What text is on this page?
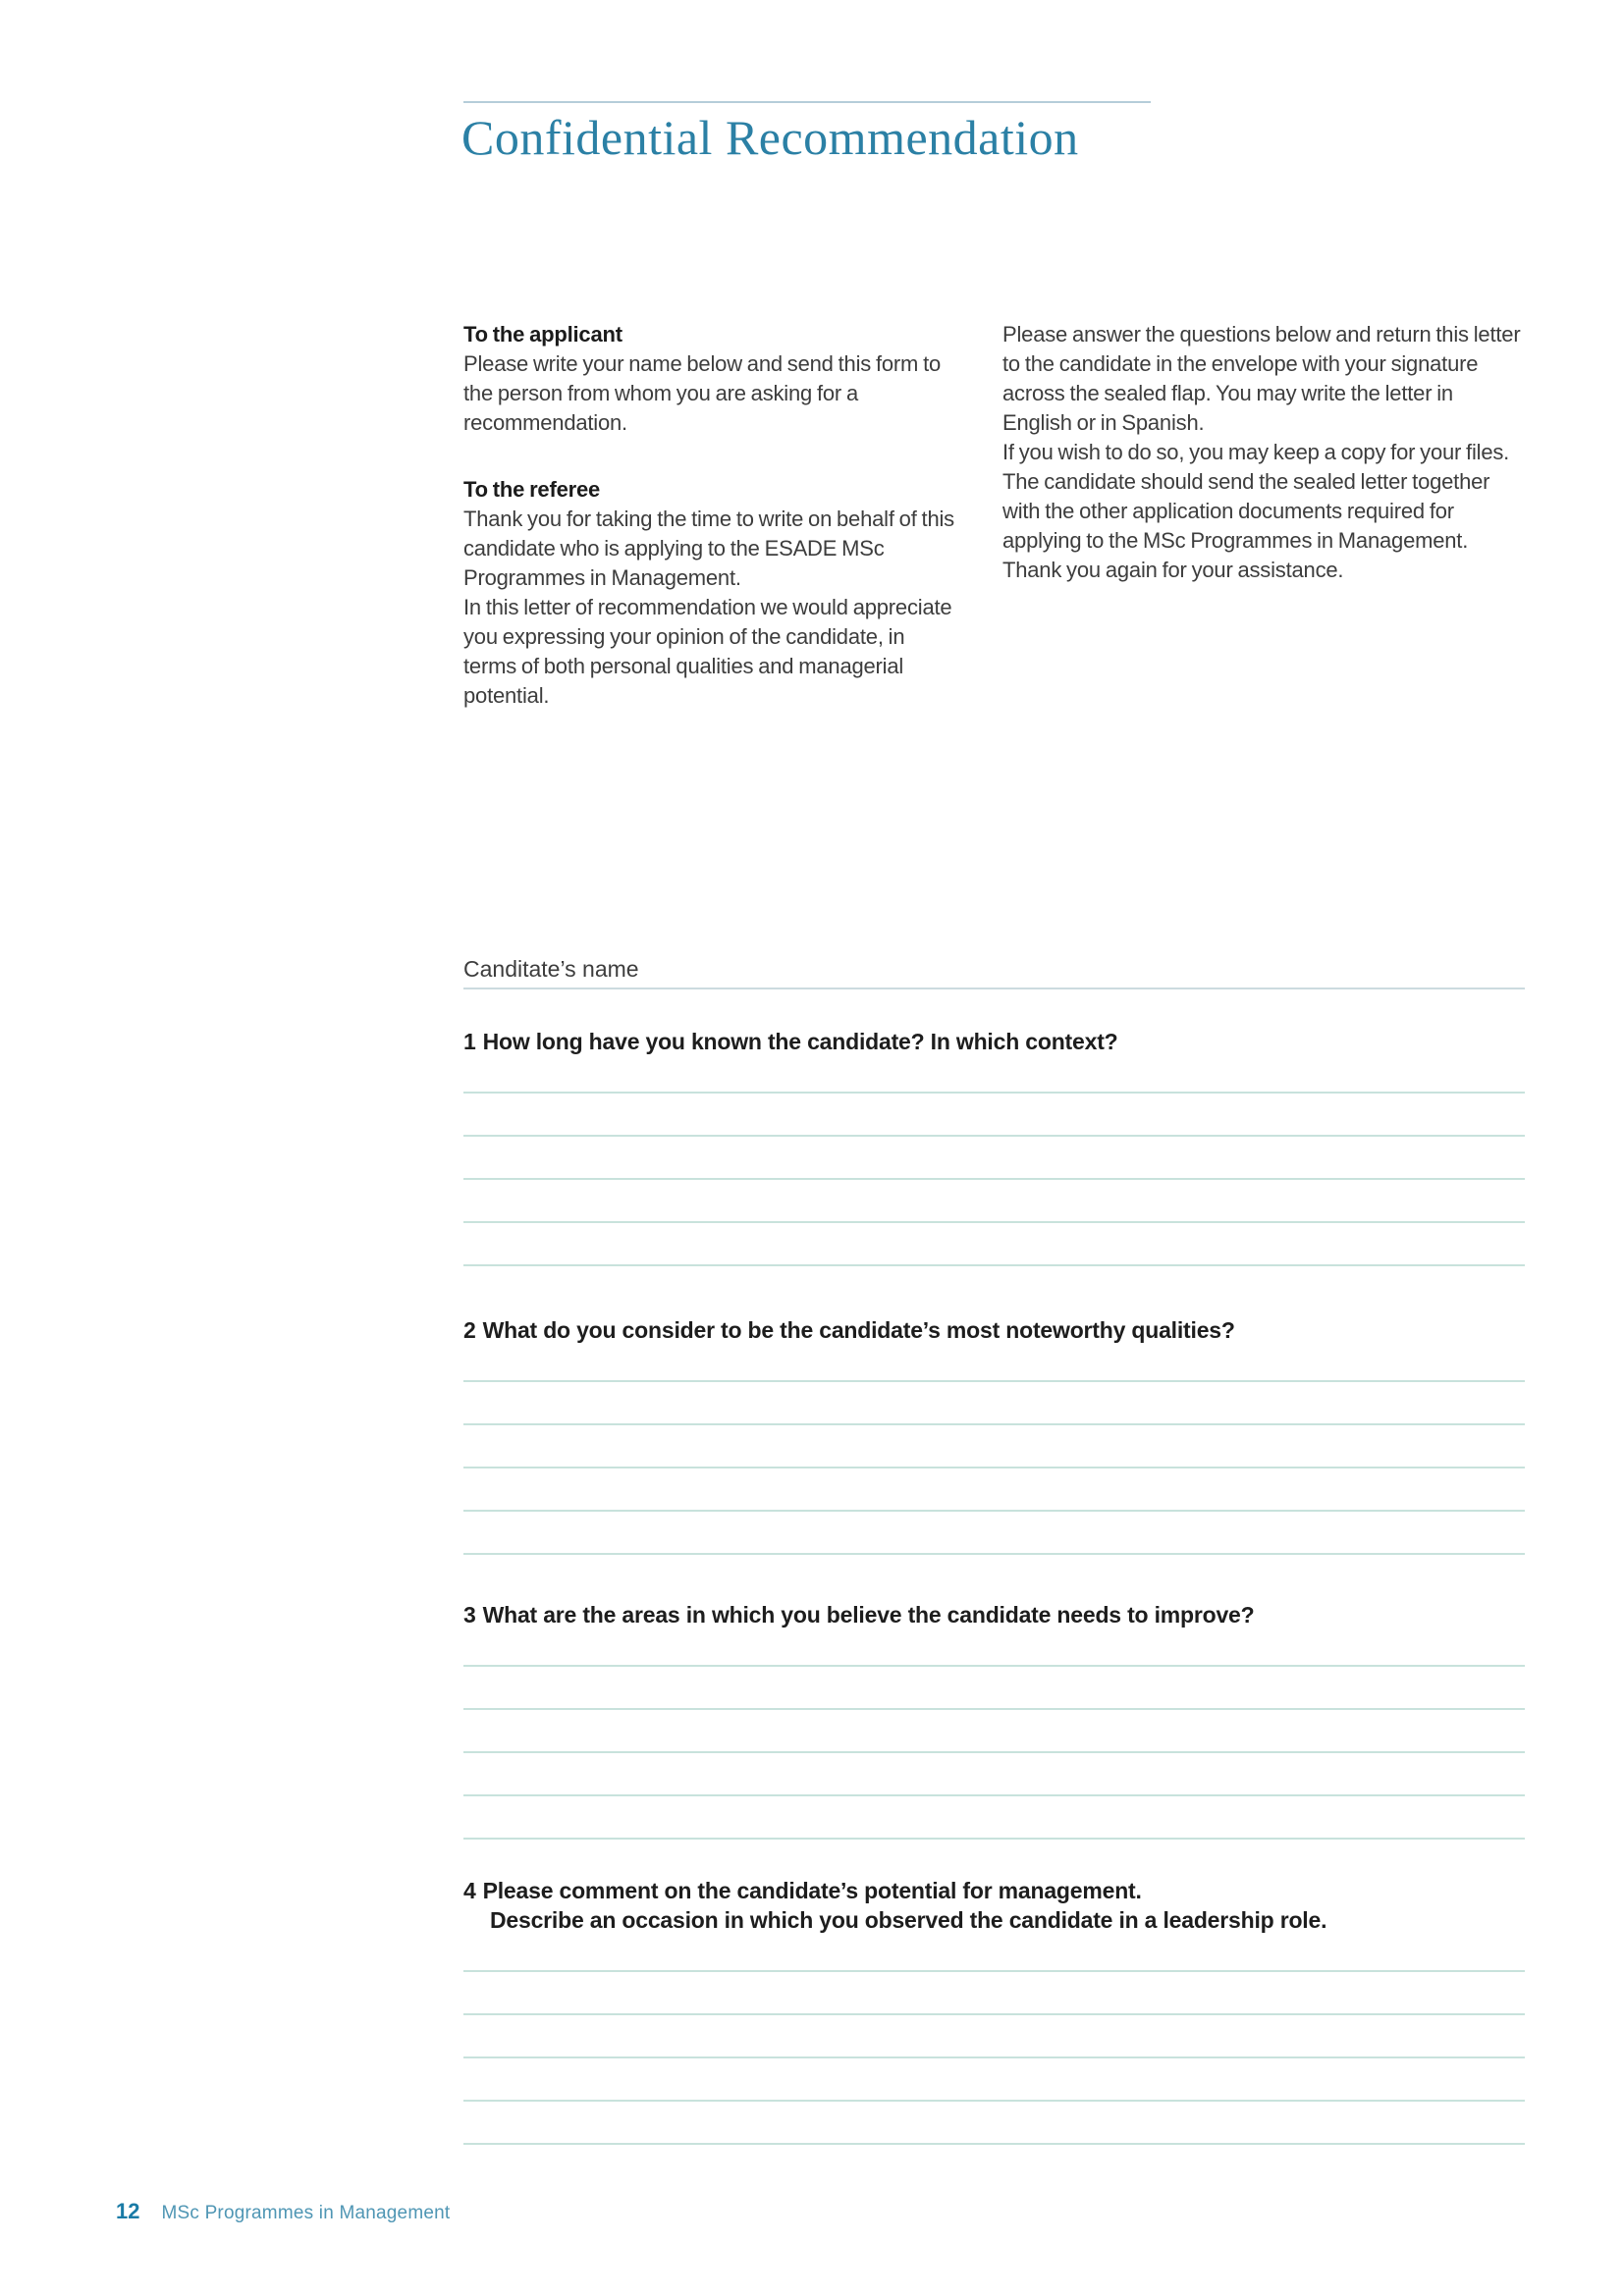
Confidential Recommendation

To the applicant

Please write your name below and send this form to the person from whom you are asking for a recommendation.

To the referee

Thank you for taking the time to write on behalf of this candidate who is applying to the ESADE MSc Programmes in Management.

In this letter of recommendation we would appreciate you expressing your opinion of the candidate, in terms of both personal qualities and managerial potential.

Please answer the questions below and return this letter to the candidate in the envelope with your signature across the sealed flap. You may write the letter in English or in Spanish.

If you wish to do so, you may keep a copy for your files. The candidate should send the sealed letter together with the other application documents required for applying to the MSc Programmes in Management.

Thank you again for your assistance.

Canditate’s name
1 How long have you known the candidate? In which context?
2 What do you consider to be the candidate’s most noteworthy qualities?
3 What are the areas in which you believe the candidate needs to improve?
4 Please comment on the candidate’s potential for management.
Describe an occasion in which you observed the candidate in a leadership role.
12 MSc Programmes in Management
